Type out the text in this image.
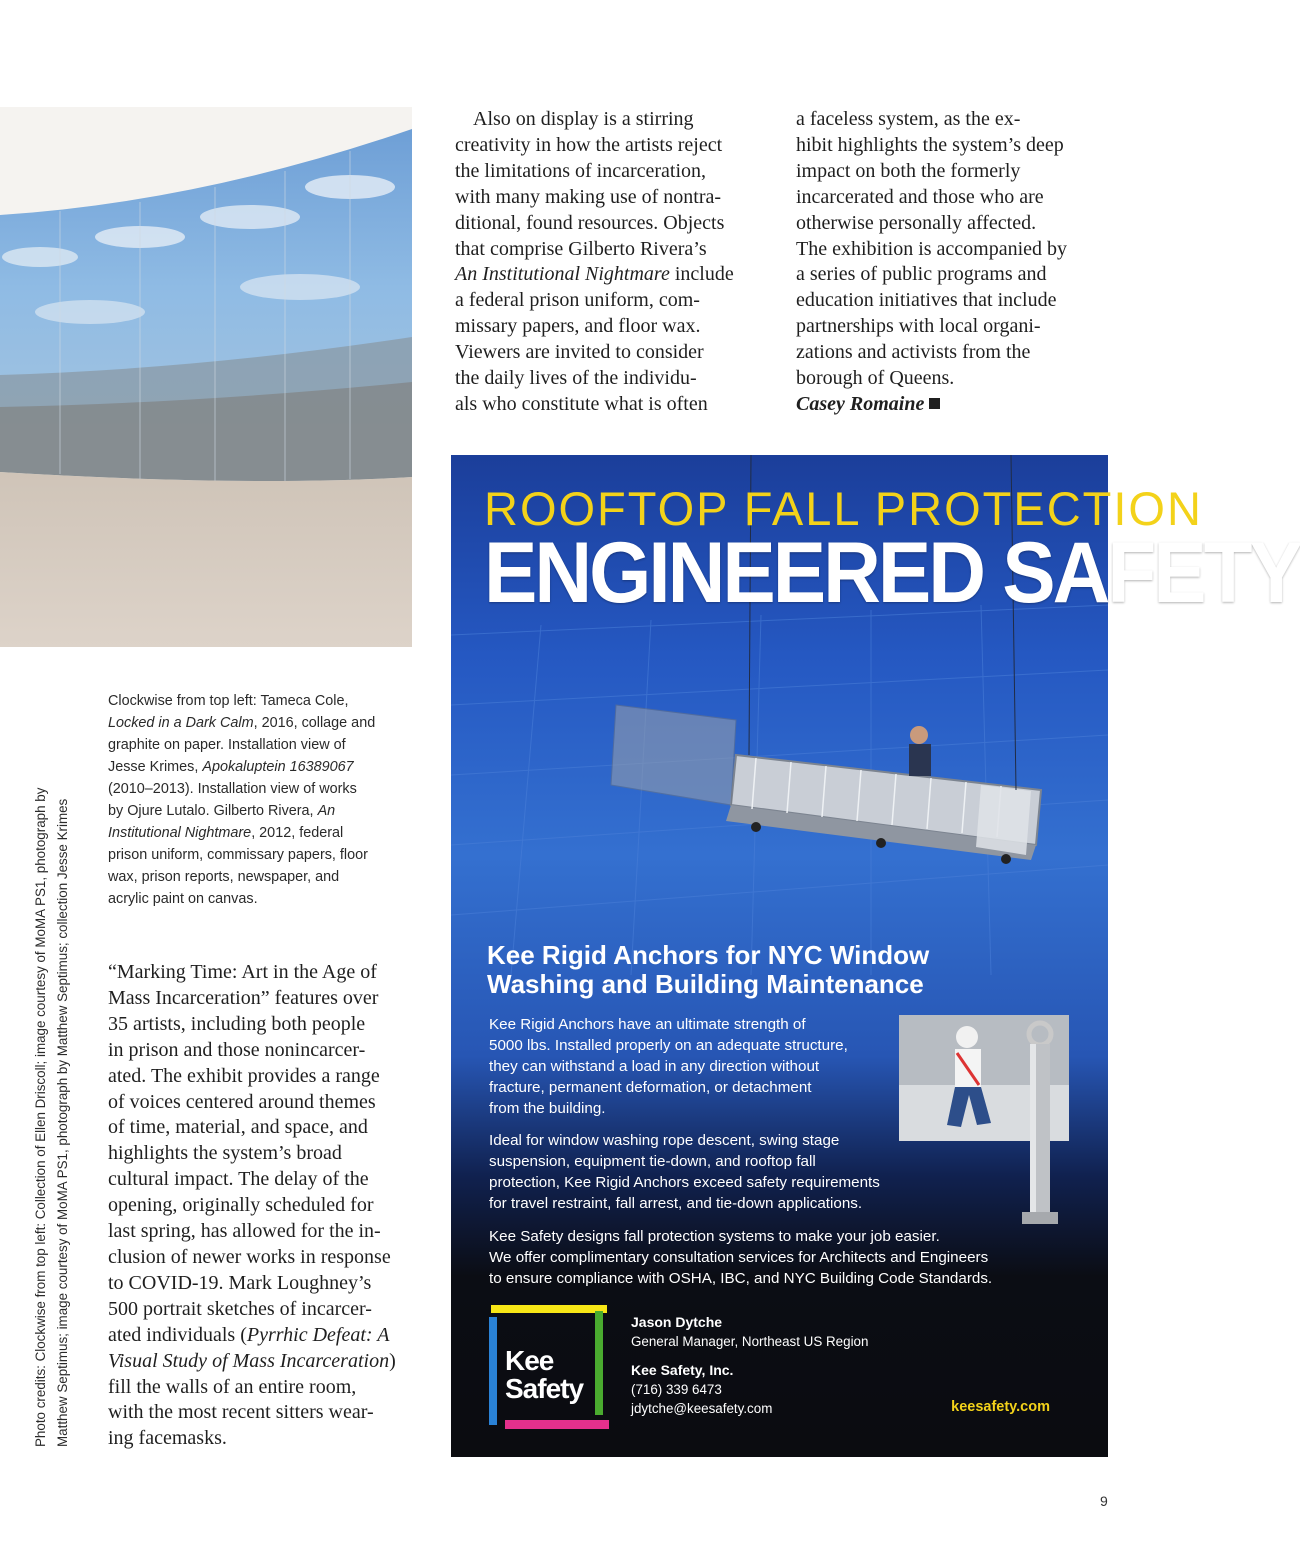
Also on display is a stirring

creativity in how the artists reject

the limitations of incarceration,

with many making use of nontra-

ditional, found resources. Objects

that comprise Gilberto Rivera’s

An Institutional Nightmare include

a federal prison uniform, com-

missary papers, and floor wax.

Viewers are invited to consider

the daily lives of the individu-

als who constitute what is often

a faceless system, as the ex-

hibit highlights the system’s deep

impact on both the formerly

incarcerated and those who are

otherwise personally affected.

The exhibition is accompanied by

a series of public programs and

education initiatives that include

partnerships with local organi-

zations and activists from the

borough of Queens.

Casey Romaine

Clockwise from top left: Tameca Cole,

Locked in a Dark Calm, 2016, collage and

graphite on paper. Installation view of

Jesse Krimes, Apokaluptein 16389067

(2010–2013). Installation view of works

by Ojure Lutalo. Gilberto Rivera, An

Institutional Nightmare, 2012, federal

prison uniform, commissary papers, floor

wax, prison reports, newspaper, and

acrylic paint on canvas.

Photo credits: Clockwise from top left: Collection of Ellen Driscoll; image courtesy of MoMA PS1, photograph by Matthew Septimus; image courtesy of MoMA PS1, photograph by Matthew Septimus; collection Jesse Krimes “Marking Time: Art in the Age of

Mass Incarceration” features over

35 artists, including both people

in prison and those nonincarcer-

ated. The exhibit provides a range

of voices centered around themes

of time, material, and space, and

highlights the system’s broad

cultural impact. The delay of the

opening, originally scheduled for

last spring, has allowed for the in-

clusion of newer works in response

to COVID-19. Mark Loughney’s

500 portrait sketches of incarcer-

ated individuals (Pyrrhic Defeat: A

Visual Study of Mass Incarceration)

fill the walls of an entire room,

with the most recent sitters wear-

ing facemasks.

ROOFTOP FALL PROTECTION
ENGINEERED SAFETY
Kee Rigid Anchors for NYC Window
Washing and Building Maintenance
Kee Rigid Anchors have an ultimate strength of
5000 lbs. Installed properly on an adequate structure,
they can withstand a load in any direction without
fracture, permanent deformation, or detachment
from the building.
Ideal for window washing rope descent, swing stage
suspension, equipment tie-down, and rooftop fall
protection, Kee Rigid Anchors exceed safety requirements
for travel restraint, fall arrest, and tie-down applications.
Kee Safety designs fall protection systems to make your job easier.
We offer complimentary consultation services for Architects and Engineers
to ensure compliance with OSHA, IBC, and NYC Building Code Standards.
Kee
Safety
Jason Dytche
General Manager, Northeast US Region
Kee Safety, Inc.
(716) 339 6473
jdytche@keesafety.com	keesafety.com
9
